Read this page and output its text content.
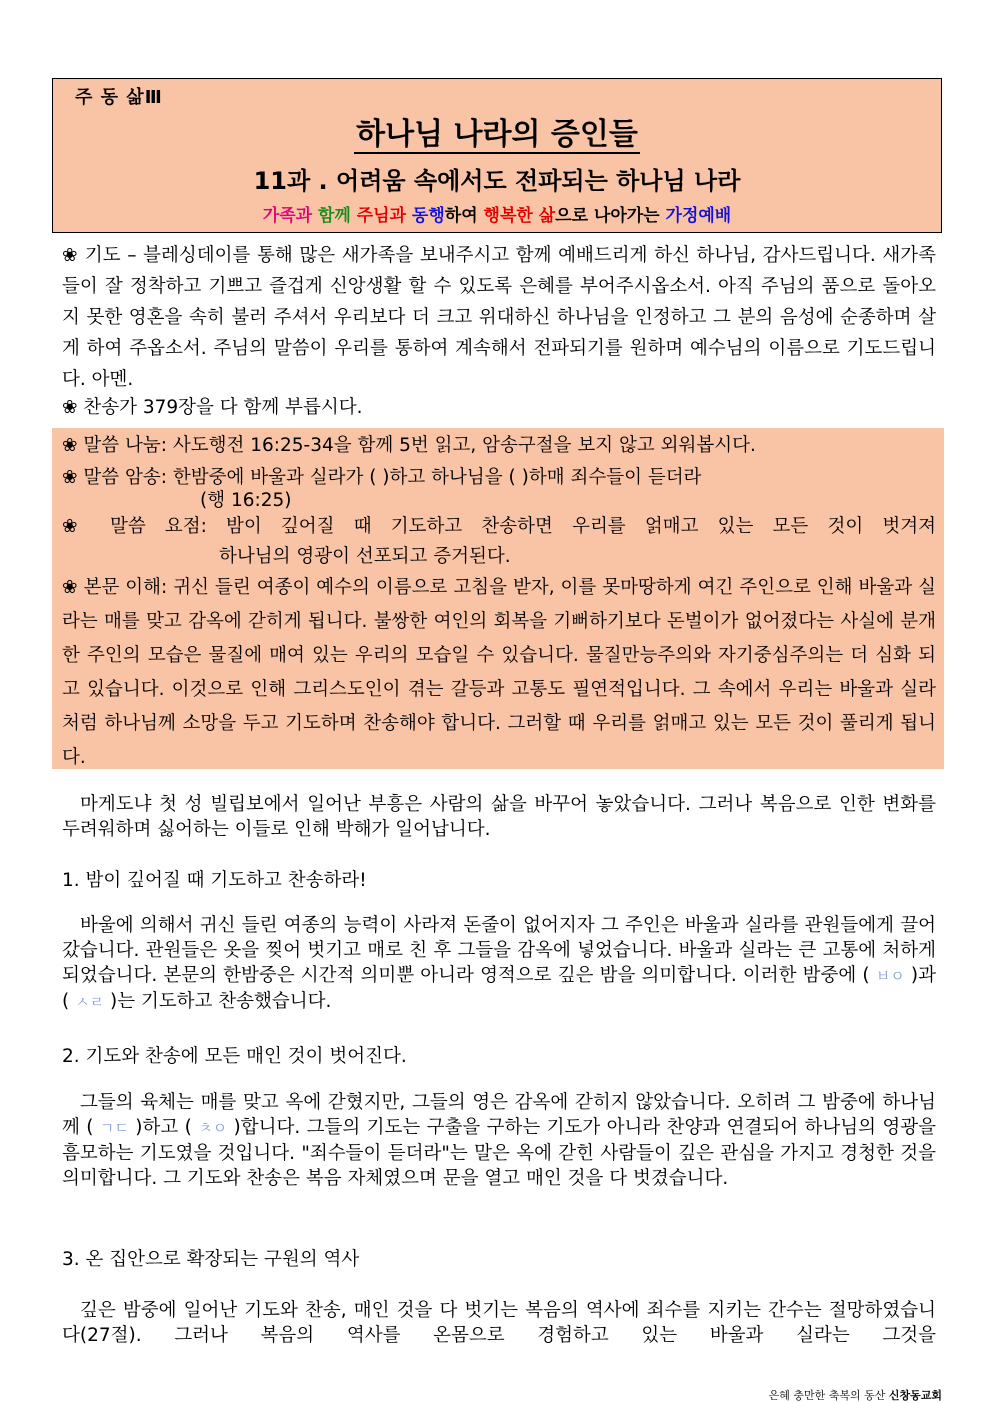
주 동 삶Ⅲ
하나님 나라의 증인들
11과 . 어려움 속에서도 전파되는 하나님 나라
가족과 함께 주님과 동행하여 행복한 삶으로 나아가는 가정예배
❀ 기도 – 블레싱데이를 통해 많은 새가족을 보내주시고 함께 예배드리게 하신 하나님, 감사드립니다. 새가족들이 잘 정착하고 기쁘고 즐겁게 신앙생활 할 수 있도록 은혜를 부어주시옵소서. 아직 주님의 품으로 돌아오지 못한 영혼을 속히 불러 주셔서 우리보다 더 크고 위대하신 하나님을 인정하고 그 분의 음성에 순종하며 살게 하여 주옵소서. 주님의 말씀이 우리를 통하여 계속해서 전파되기를 원하며 예수님의 이름으로 기도드립니다. 아멘.
❀ 찬송가 379장을 다 함께 부릅시다.
❀ 말씀 나눔: 사도행전 16:25-34을 함께 5번 읽고, 암송구절을 보지 않고 외워봅시다.
❀ 말씀 암송: 한밤중에 바울과 실라가 ( )하고 하나님을 ( )하매 죄수들이 듣더라
(행 16:25)
❀ 말씀 요점: 밤이 깊어질 때 기도하고 찬송하면 우리를 얽매고 있는 모든 것이 벗겨져
하나님의 영광이 선포되고 증거된다.
❀ 본문 이해: 귀신 들린 여종이 예수의 이름으로 고침을 받자, 이를 못마땅하게 여긴 주인으로 인해 바울과 실라는 매를 맞고 감옥에 갇히게 됩니다. 불쌍한 여인의 회복을 기뻐하기보다 돈벌이가 없어졌다는 사실에 분개한 주인의 모습은 물질에 매여 있는 우리의 모습일 수 있습니다. 물질만능주의와 자기중심주의는 더 심화 되고 있습니다. 이것으로 인해 그리스도인이 겪는 갈등과 고통도 필연적입니다. 그 속에서 우리는 바울과 실라처럼 하나님께 소망을 두고 기도하며 찬송해야 합니다. 그러할 때 우리를 얽매고 있는 모든 것이 풀리게 됩니다.
마게도냐 첫 성 빌립보에서 일어난 부흥은 사람의 삶을 바꾸어 놓았습니다. 그러나 복음으로 인한 변화를 두려워하며 싫어하는 이들로 인해 박해가 일어납니다.
1. 밤이 깊어질 때 기도하고 찬송하라!
바울에 의해서 귀신 들린 여종의 능력이 사라져 돈줄이 없어지자 그 주인은 바울과 실라를 관원들에게 끌어갔습니다. 관원들은 옷을 찢어 벗기고 매로 친 후 그들을 감옥에 넣었습니다. 바울과 실라는 큰 고통에 처하게 되었습니다. 본문의 한밤중은 시간적 의미뿐 아니라 영적으로 깊은 밤을 의미합니다. 이러한 밤중에 ( ㅂㅇ )과 ( ㅅㄹ )는 기도하고 찬송했습니다.
2. 기도와 찬송에 모든 매인 것이 벗어진다.
그들의 육체는 매를 맞고 옥에 갇혔지만, 그들의 영은 감옥에 갇히지 않았습니다. 오히려 그 밤중에 하나님께 ( ㄱㄷ )하고 ( ㅊㅇ )합니다. 그들의 기도는 구출을 구하는 기도가 아니라 찬양과 연결되어 하나님의 영광을 흠모하는 기도였을 것입니다. "죄수들이 듣더라"는 말은 옥에 갇힌 사람들이 깊은 관심을 가지고 경청한 것을 의미합니다. 그 기도와 찬송은 복음 자체였으며 문을 열고 매인 것을 다 벗겼습니다.
3. 온 집안으로 확장되는 구원의 역사
깊은 밤중에 일어난 기도와 찬송, 매인 것을 다 벗기는 복음의 역사에 죄수를 지키는 간수는 절망하였습니다(27절). 그러나 복음의 역사를 온몸으로 경험하고 있는 바울과 실라는 그것을
은혜 충만한 축복의 동산 신창동교회
